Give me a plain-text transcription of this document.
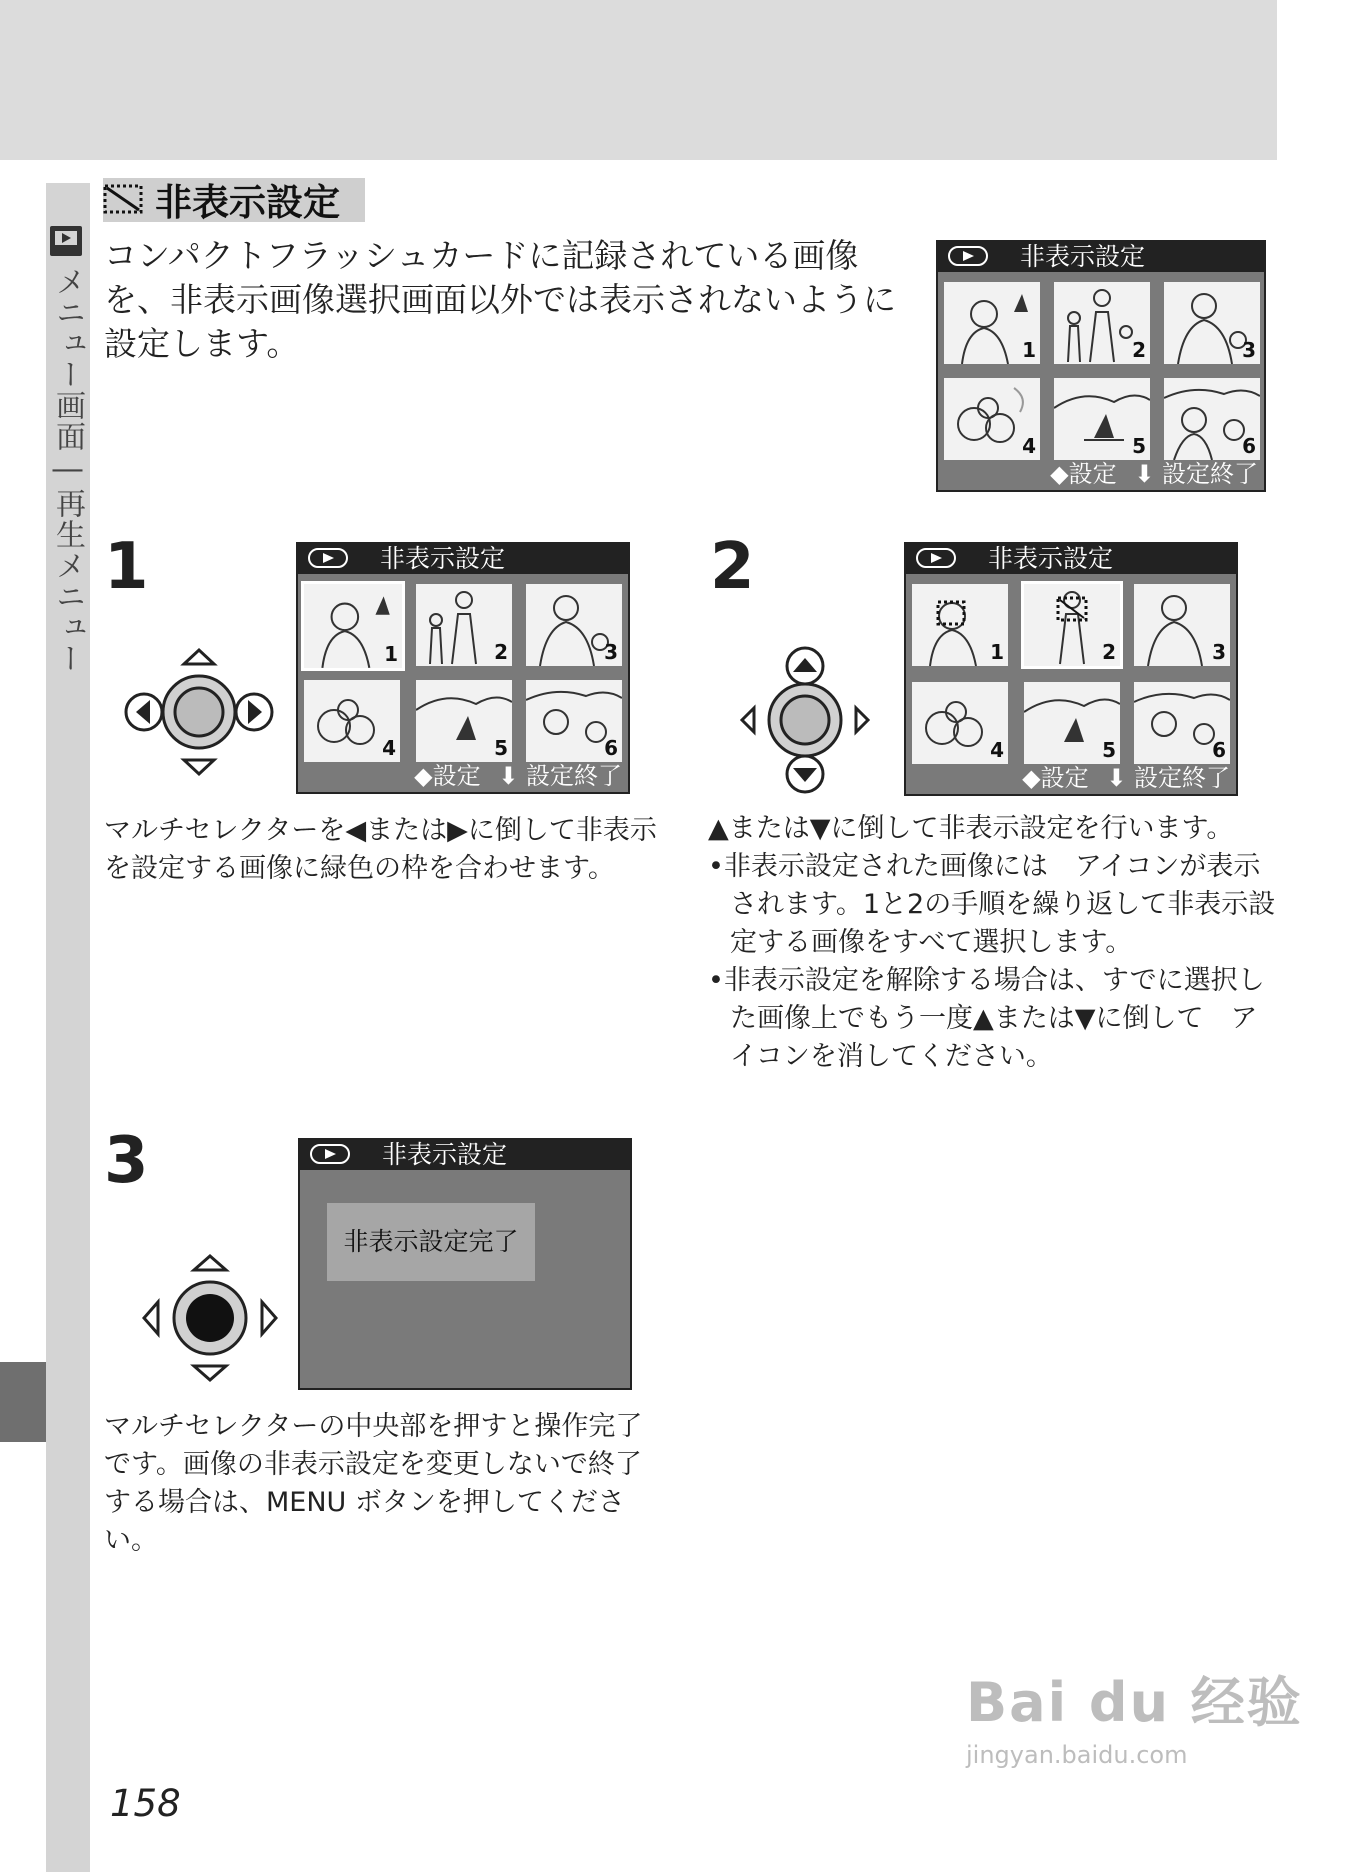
メニュー画面―再生メニュー
非表示設定
コンパクトフラッシュカードに記録されている画像を、非表示画像選択画面以外では表示されないように設定します。
非表示設定
1	2	3
4	5	6
◆設定 ⬇ 設定終了
1	非表示設定
1	2	3
4	5	6
◆設定 ⬇ 設定終了
マルチセレクターを◀または▶に倒して非表示を設定する画像に緑色の枠を合わせます。
2	非表示設定
1	2	3
4	5	6
◆設定 ⬇ 設定終了
▲または▼に倒して非表示設定を行います。
•非表示設定された画像には　アイコンが表示されます。1と2の手順を繰り返して非表示設定する画像をすべて選択します。
•非表示設定を解除する場合は、すでに選択した画像上でもう一度▲または▼に倒して　アイコンを消してください。
3	非表示設定
非表示設定完了
マルチセレクターの中央部を押すと操作完了です。画像の非表示設定を変更しないで終了する場合は、MENU ボタンを押してください。
158
Bai du 经验
jingyan.baidu.com
